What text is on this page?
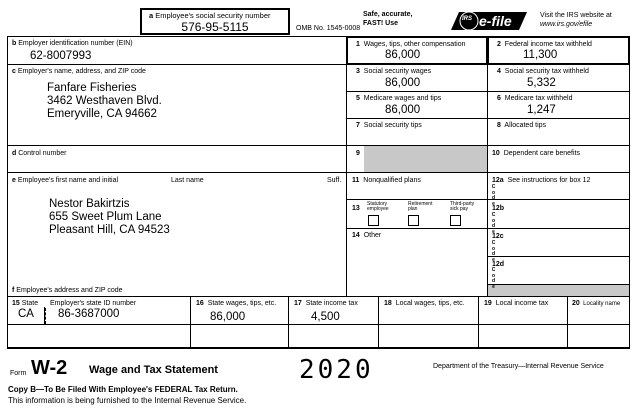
a Employee's social security number
576-95-5115	OMB No. 1545-0008
Safe, accurate,
FAST! Use
IRS e-file	Visit the IRS website at
www.irs.gov/efile
b Employer identification number (EIN)
62-8007993
c Employer's name, address, and ZIP code
Fanfare Fisheries
3462 Westhaven Blvd.
Emeryville, CA 94662
d Control number
e Employee's first name and initial	Last name	Suff.
Nestor Bakirtzis
655 Sweet Plum Lane
Pleasant Hill, CA 94523
f Employee's address and ZIP code
1 Wages, tips, other compensation
86,000
2 Federal income tax withheld
11,300
3 Social security wages
86,000
4 Social security tax withheld
5,332
5 Medicare wages and tips
86,000
6 Medicare tax withheld
1,247
7 Social security tips	8 Allocated tips
9	10 Dependent care benefits
11 Nonqualified plans	12a See instructions for box 12
C
o
d
e
12b
C
o
d
e
12c
C
o
d
e
12d
C
o
d
e
13
Statutory
employee
Retirement
plan
Third-party
sick pay
14 Other
15 State Employer's state ID number
CA 86-3687000
16 State wages, tips, etc.
86,000
17 State income tax
4,500
18 Local wages, tips, etc.	19 Local income tax	20 Locality name
Form W-2 Wage and Tax Statement	2020	Department of the Treasury—Internal Revenue Service
Copy B—To Be Filed With Employee's FEDERAL Tax Return.
This information is being furnished to the Internal Revenue Service.
